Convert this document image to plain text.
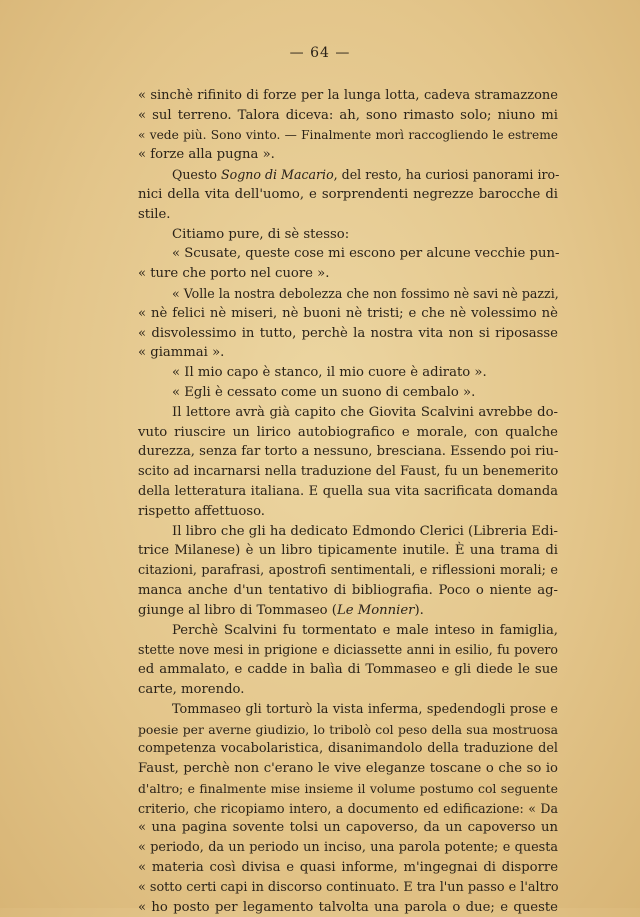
— 64 —
« sinchè rifinito di forze per la lunga lotta, cadeva stramazzone
« sul terreno. Talora diceva: ah, sono rimasto solo; niuno mi
« vede più. Sono vinto. — Finalmente morì raccogliendo le estreme
« forze alla pugna ».
Questo Sogno di Macario, del resto, ha curiosi panorami iro-
nici della vita dell'uomo, e sorprendenti negrezze barocche di
stile.
Citiamo pure, di sè stesso:
« Scusate, queste cose mi escono per alcune vecchie pun-
« ture che porto nel cuore ».
« Volle la nostra debolezza che non fossimo nè savi nè pazzi,
« nè felici nè miseri, nè buoni nè tristi; e che nè volessimo nè
« disvolessimo in tutto, perchè la nostra vita non si riposasse
« giammai ».
« Il mio capo è stanco, il mio cuore è adirato ».
« Egli è cessato come un suono di cembalo ».
Il lettore avrà già capito che Giovita Scalvini avrebbe do-
vuto riuscire un lirico autobiografico e morale, con qualche
durezza, senza far torto a nessuno, bresciana. Essendo poi riu-
scito ad incarnarsi nella traduzione del Faust, fu un benemerito
della letteratura italiana. E quella sua vita sacrificata domanda
rispetto affettuoso.
Il libro che gli ha dedicato Edmondo Clerici (Libreria Edi-
trice Milanese) è un libro tipicamente inutile. È una trama di
citazioni, parafrasi, apostrofi sentimentali, e riflessioni morali; e
manca anche d'un tentativo di bibliografia. Poco o niente ag-
giunge al libro di Tommaseo (Le Monnier).
Perchè Scalvini fu tormentato e male inteso in famiglia,
stette nove mesi in prigione e diciassette anni in esilio, fu povero
ed ammalato, e cadde in balìa di Tommaseo e gli diede le sue
carte, morendo.
Tommaseo gli torturò la vista inferma, spedendogli prose e
poesie per averne giudizio, lo tribolò col peso della sua mostruosa
competenza vocabolaristica, disanimandolo della traduzione del
Faust, perchè non c'erano le vive eleganze toscane o che so io
d'altro; e finalmente mise insieme il volume postumo col seguente
criterio, che ricopiamo intero, a documento ed edificazione: « Da
« una pagina sovente tolsi un capoverso, da un capoverso un
« periodo, da un periodo un inciso, una parola potente; e questa
« materia così divisa e quasi informe, m'ingegnai di disporre
« sotto certi capi in discorso continuato. E tra l'un passo e l'altro
« ho posto per legamento talvolta una parola o due; e queste
